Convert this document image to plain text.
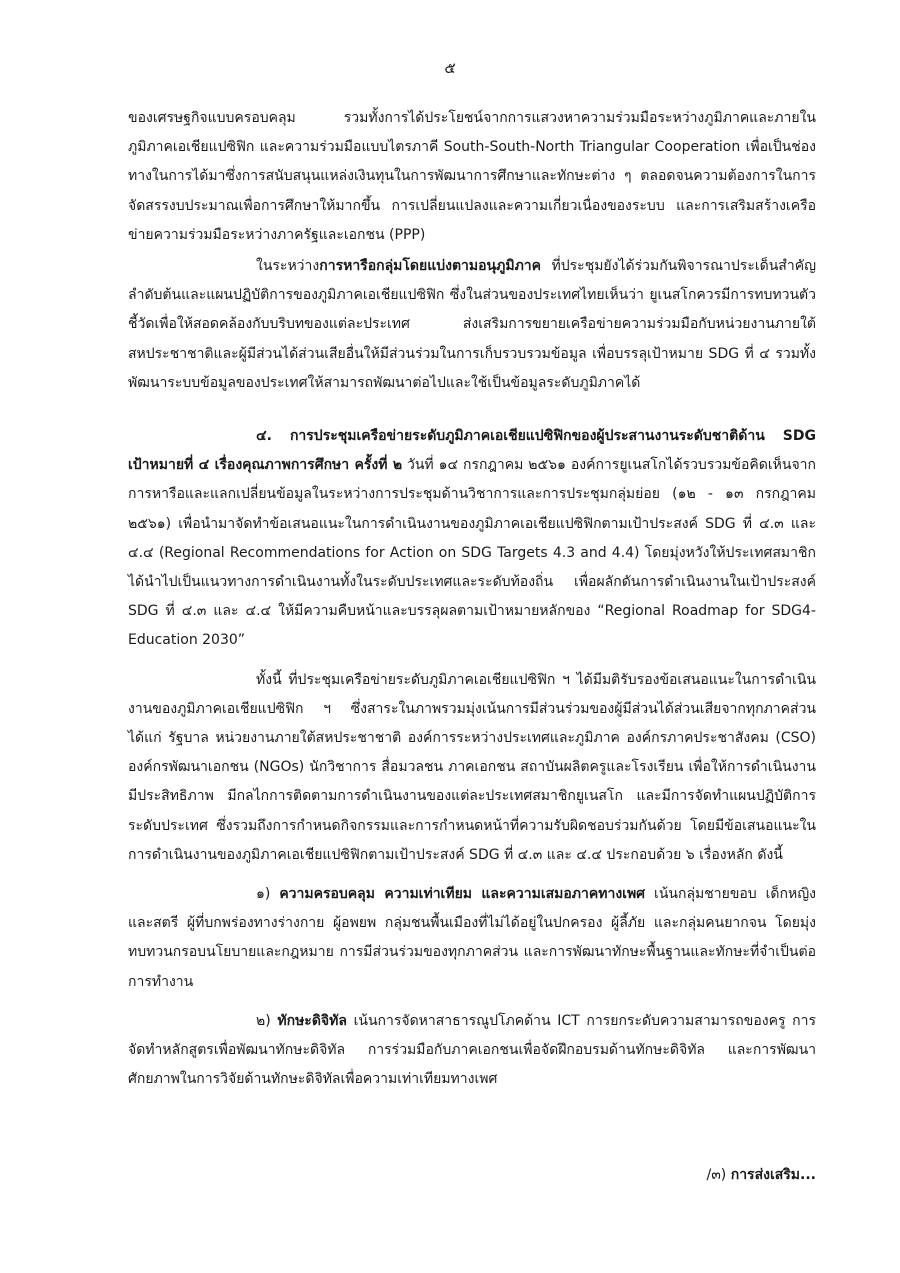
๕

ของเศรษฐกิจแบบครอบคลุม รวมทั้งการได้ประโยชน์จากการแสวงหาความร่วมมือระหว่างภูมิภาคและภายในภูมิภาคเอเชียแปซิฟิก และความร่วมมือแบบไตรภาคี South-South-North Triangular Cooperation เพื่อเป็นช่องทางในการได้มาซึ่งการสนับสนุนแหล่งเงินทุนในการพัฒนาการศึกษาและทักษะต่าง ๆ ตลอดจนความต้องการในการจัดสรรงบประมาณเพื่อการศึกษาให้มากขึ้น การเปลี่ยนแปลงและความเกี่ยวเนื่องของระบบ และการเสริมสร้างเครือข่ายความร่วมมือระหว่างภาครัฐและเอกชน (PPP)

ในระหว่างการหารือกลุ่มโดยแบ่งตามอนุภูมิภาค ที่ประชุมยังได้ร่วมกันพิจารณาประเด็นสำคัญลำดับต้นและแผนปฏิบัติการของภูมิภาคเอเชียแปซิฟิก ซึ่งในส่วนของประเทศไทยเห็นว่า ยูเนสโกควรมีการทบทวนตัวชี้วัดเพื่อให้สอดคล้องกับบริบทของแต่ละประเทศ ส่งเสริมการขยายเครือข่ายความร่วมมือกับหน่วยงานภายใต้สหประชาชาติและผู้มีส่วนได้ส่วนเสียอื่นให้มีส่วนร่วมในการเก็บรวบรวมข้อมูล เพื่อบรรลุเป้าหมาย SDG ที่ ๔ รวมทั้งพัฒนาระบบข้อมูลของประเทศให้สามารถพัฒนาต่อไปและใช้เป็นข้อมูลระดับภูมิภาคได้

๔. การประชุมเครือข่ายระดับภูมิภาคเอเชียแปซิฟิกของผู้ประสานงานระดับชาติด้าน SDG เป้าหมายที่ ๔ เรื่องคุณภาพการศึกษา ครั้งที่ ๒ วันที่ ๑๔ กรกฎาคม ๒๕๖๑ องค์การยูเนสโกได้รวบรวมข้อคิดเห็นจากการหารือและแลกเปลี่ยนข้อมูลในระหว่างการประชุมด้านวิชาการและการประชุมกลุ่มย่อย (๑๒ - ๑๓ กรกฎาคม ๒๕๖๑) เพื่อนำมาจัดทำข้อเสนอแนะในการดำเนินงานของภูมิภาคเอเชียแปซิฟิกตามเป้าประสงค์ SDG ที่ ๔.๓ และ ๔.๔ (Regional Recommendations for Action on SDG Targets 4.3 and 4.4) โดยมุ่งหวังให้ประเทศสมาชิกได้นำไปเป็นแนวทางการดำเนินงานทั้งในระดับประเทศและระดับท้องถิ่น เพื่อผลักดันการดำเนินงานในเป้าประสงค์ SDG ที่ ๔.๓ และ ๔.๔ ให้มีความคืบหน้าและบรรลุผลตามเป้าหมายหลักของ “Regional Roadmap for SDG4-Education 2030”

ทั้งนี้ ที่ประชุมเครือข่ายระดับภูมิภาคเอเชียแปซิฟิก ฯ ได้มีมติรับรองข้อเสนอแนะในการดำเนินงานของภูมิภาคเอเชียแปซิฟิก ฯ ซึ่งสาระในภาพรวมมุ่งเน้นการมีส่วนร่วมของผู้มีส่วนได้ส่วนเสียจากทุกภาคส่วน ได้แก่ รัฐบาล หน่วยงานภายใต้สหประชาชาติ องค์การระหว่างประเทศและภูมิภาค องค์กรภาคประชาสังคม (CSO) องค์กรพัฒนาเอกชน (NGOs) นักวิชาการ สื่อมวลชน ภาคเอกชน สถาบันผลิตครูและโรงเรียน เพื่อให้การดำเนินงานมีประสิทธิภาพ มีกลไกการติดตามการดำเนินงานของแต่ละประเทศสมาชิกยูเนสโก และมีการจัดทำแผนปฏิบัติการระดับประเทศ ซึ่งรวมถึงการกำหนดกิจกรรมและการกำหนดหน้าที่ความรับผิดชอบร่วมกันด้วย โดยมีข้อเสนอแนะในการดำเนินงานของภูมิภาคเอเชียแปซิฟิกตามเป้าประสงค์ SDG ที่ ๔.๓ และ ๔.๔ ประกอบด้วย ๖ เรื่องหลัก ดังนี้

๑) ความครอบคลุม ความเท่าเทียม และความเสมอภาคทางเพศ เน้นกลุ่มชายขอบ เด็กหญิงและสตรี ผู้ที่บกพร่องทางร่างกาย ผู้อพยพ กลุ่มชนพื้นเมืองที่ไม่ได้อยู่ในปกครอง ผู้ลี้ภัย และกลุ่มคนยากจน โดยมุ่งทบทวนกรอบนโยบายและกฎหมาย การมีส่วนร่วมของทุกภาคส่วน และการพัฒนาทักษะพื้นฐานและทักษะที่จำเป็นต่อการทำงาน

๒) ทักษะดิจิทัล เน้นการจัดหาสาธารณูปโภคด้าน ICT การยกระดับความสามารถของครู การจัดทำหลักสูตรเพื่อพัฒนาทักษะดิจิทัล การร่วมมือกับภาคเอกชนเพื่อจัดฝึกอบรมด้านทักษะดิจิทัล และการพัฒนาศักยภาพในการวิจัยด้านทักษะดิจิทัลเพื่อความเท่าเทียมทางเพศ

/๓) การส่งเสริม...
